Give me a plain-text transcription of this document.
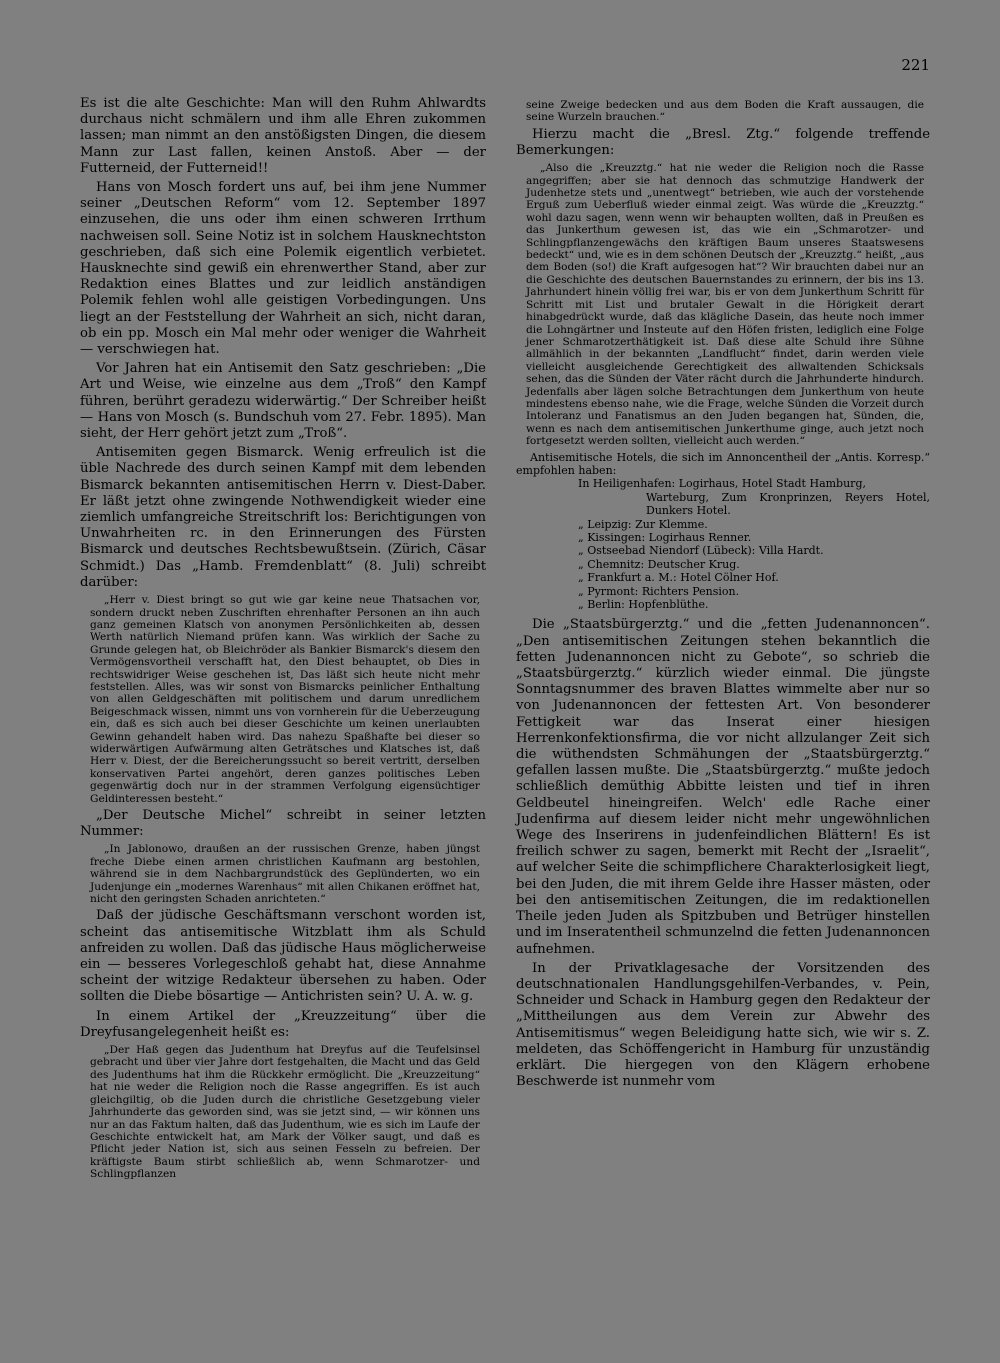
221

Es ist die alte Geschichte: Man will den Ruhm Ahlwardts durchaus nicht schmälern und ihm alle Ehren zukommen lassen; man nimmt an den anstößigsten Dingen, die diesem Mann zur Last fallen, keinen Anstoß. Aber — der Futterneid, der Futterneid!!

Hans von Mosch fordert uns auf, bei ihm jene Nummer seiner „Deutschen Reform“ vom 12. September 1897 einzusehen, die uns oder ihm einen schweren Irrthum nachweisen soll. Seine Notiz ist in solchem Hausknechtston geschrieben, daß sich eine Polemik eigentlich verbietet. Hausknechte sind gewiß ein ehrenwerther Stand, aber zur Redaktion eines Blattes und zur leidlich anständigen Polemik fehlen wohl alle geistigen Vorbedingungen. Uns liegt an der Feststellung der Wahrheit an sich, nicht daran, ob ein pp. Mosch ein Mal mehr oder weniger die Wahrheit — verschwiegen hat.

Vor Jahren hat ein Antisemit den Satz geschrieben: „Die Art und Weise, wie einzelne aus dem „Troß“ den Kampf führen, berührt geradezu widerwärtig.“ Der Schreiber heißt — Hans von Mosch (s. Bundschuh vom 27. Febr. 1895). Man sieht, der Herr gehört jetzt zum „Troß“.

Antisemiten gegen Bismarck. Wenig erfreulich ist die üble Nachrede des durch seinen Kampf mit dem lebenden Bismarck bekannten antisemitischen Herrn v. Diest-Daber. Er läßt jetzt ohne zwingende Nothwendigkeit wieder eine ziemlich umfangreiche Streitschrift los: Berichtigungen von Unwahrheiten rc. in den Erinnerungen des Fürsten Bismarck und deutsches Rechtsbewußtsein. (Zürich, Cäsar Schmidt.) Das „Hamb. Fremdenblatt“ (8. Juli) schreibt darüber:

„Herr v. Diest bringt so gut wie gar keine neue Thatsachen vor, sondern druckt neben Zuschriften ehrenhafter Personen an ihn auch ganz gemeinen Klatsch von anonymen Persönlichkeiten ab, dessen Werth natürlich Niemand prüfen kann. Was wirklich der Sache zu Grunde gelegen hat, ob Bleichröder als Bankier Bismarck's diesem den Vermögensvortheil verschafft hat, den Diest behauptet, ob Dies in rechtswidriger Weise geschehen ist, Das läßt sich heute nicht mehr feststellen. Alles, was wir sonst von Bismarcks peinlicher Enthaltung von allen Geldgeschäften mit politischem und darum unredlichem Beigeschmack wissen, nimmt uns von vornherein für die Ueberzeugung ein, daß es sich auch bei dieser Geschichte um keinen unerlaubten Gewinn gehandelt haben wird. Das nahezu Spaßhafte bei dieser so widerwärtigen Aufwärmung alten Geträtsches und Klatsches ist, daß Herr v. Diest, der die Bereicherungssucht so bereit vertritt, derselben konservativen Partei angehört, deren ganzes politisches Leben gegenwärtig doch nur in der strammen Verfolgung eigensüchtiger Geldinteressen besteht.“

„Der Deutsche Michel“ schreibt in seiner letzten Nummer:

„In Jablonowo, draußen an der russischen Grenze, haben jüngst freche Diebe einen armen christlichen Kaufmann arg bestohlen, während sie in dem Nachbargrundstück des Geplünderten, wo ein Judenjunge ein „modernes Warenhaus“ mit allen Chikanen eröffnet hat, nicht den geringsten Schaden anrichteten.“

Daß der jüdische Geschäftsmann verschont worden ist, scheint das antisemitische Witzblatt ihm als Schuld anfreiden zu wollen. Daß das jüdische Haus möglicherweise ein — besseres Vorlegeschloß gehabt hat, diese Annahme scheint der witzige Redakteur übersehen zu haben. Oder sollten die Diebe bösartige — Antichristen sein? U. A. w. g.

In einem Artikel der „Kreuzzeitung“ über die Dreyfusangelegenheit heißt es:

„Der Haß gegen das Judenthum hat Dreyfus auf die Teufelsinsel gebracht und über vier Jahre dort festgehalten, die Macht und das Geld des Judenthums hat ihm die Rückkehr ermöglicht. Die „Kreuzzeitung“ hat nie weder die Religion noch die Rasse angegriffen. Es ist auch gleichgiltig, ob die Juden durch die christliche Gesetzgebung vieler Jahrhunderte das geworden sind, was sie jetzt sind, — wir können uns nur an das Faktum halten, daß das Judenthum, wie es sich im Laufe der Geschichte entwickelt hat, am Mark der Völker saugt, und daß es Pflicht jeder Nation ist, sich aus seinen Fesseln zu befreien. Der kräftigste Baum stirbt schließlich ab, wenn Schmarotzer- und Schlingpflanzen

seine Zweige bedecken und aus dem Boden die Kraft aussaugen, die seine Wurzeln brauchen.“

Hierzu macht die „Bresl. Ztg.“ folgende treffende Bemerkungen:

„Also die „Kreuzztg.“ hat nie weder die Religion noch die Rasse angegriffen; aber sie hat dennoch das schmutzige Handwerk der Judenhetze stets und „unentwegt“ betrieben, wie auch der vorstehende Erguß zum Ueberfluß wieder einmal zeigt. Was würde die „Kreuzztg.“ wohl dazu sagen, wenn wenn wir behaupten wollten, daß in Preußen es das Junkerthum gewesen ist, das wie ein „Schmarotzer- und Schlingpflanzengewächs den kräftigen Baum unseres Staatswesens bedeckt“ und, wie es in dem schönen Deutsch der „Kreuzztg.“ heißt, „aus dem Boden (so!) die Kraft aufgesogen hat“? Wir brauchten dabei nur an die Geschichte des deutschen Bauernstandes zu erinnern, der bis ins 13. Jahrhundert hinein völlig frei war, bis er von dem Junkerthum Schritt für Schritt mit List und brutaler Gewalt in die Hörigkeit derart hinabgedrückt wurde, daß das klägliche Dasein, das heute noch immer die Lohngärtner und Insteute auf den Höfen fristen, lediglich eine Folge jener Schmarotzerthätigkeit ist. Daß diese alte Schuld ihre Sühne allmählich in der bekannten „Landflucht“ findet, darin werden viele vielleicht ausgleichende Gerechtigkeit des allwaltenden Schicksals sehen, das die Sünden der Väter rächt durch die Jahrhunderte hindurch. Jedenfalls aber lägen solche Betrachtungen dem Junkerthum von heute mindestens ebenso nahe, wie die Frage, welche Sünden die Vorzeit durch Intoleranz und Fanatismus an den Juden begangen hat, Sünden, die, wenn es nach dem antisemitischen Junkerthume ginge, auch jetzt noch fortgesetzt werden sollten, vielleicht auch werden.“

Antisemitische Hotels, die sich im Annoncentheil der „Antis. Korresp.“ empfohlen haben:
In Heiligenhafen: Logirhaus, Hotel Stadt Hamburg,
Warteburg, Zum Kronprinzen, Reyers Hotel, Dunkers Hotel.
„ Leipzig: Zur Klemme.
„ Kissingen: Logirhaus Renner.
„ Ostseebad Niendorf (Lübeck): Villa Hardt.
„ Chemnitz: Deutscher Krug.
„ Frankfurt a. M.: Hotel Cölner Hof.
„ Pyrmont: Richters Pension.
„ Berlin: Hopfenblüthe.

Die „Staatsbürgerztg.“ und die „fetten Judenannoncen“. „Den antisemitischen Zeitungen stehen bekanntlich die fetten Judenannoncen nicht zu Gebote“, so schrieb die „Staatsbürgerztg.“ kürzlich wieder einmal. Die jüngste Sonntagsnummer des braven Blattes wimmelte aber nur so von Judenannoncen der fettesten Art. Von besonderer Fettigkeit war das Inserat einer hiesigen Herrenkonfektionsfirma, die vor nicht allzulanger Zeit sich die wüthendsten Schmähungen der „Staatsbürgerztg.“ gefallen lassen mußte. Die „Staatsbürgerztg.“ mußte jedoch schließlich demüthig Abbitte leisten und tief in ihren Geldbeutel hineingreifen. Welch' edle Rache einer Judenfirma auf diesem leider nicht mehr ungewöhnlichen Wege des Inserirens in judenfeindlichen Blättern! Es ist freilich schwer zu sagen, bemerkt mit Recht der „Israelit“, auf welcher Seite die schimpflichere Charakterlosigkeit liegt, bei den Juden, die mit ihrem Gelde ihre Hasser mästen, oder bei den antisemitischen Zeitungen, die im redaktionellen Theile jeden Juden als Spitzbuben und Betrüger hinstellen und im Inseratentheil schmunzelnd die fetten Judenannoncen aufnehmen.

In der Privatklagesache der Vorsitzenden des deutschnationalen Handlungsgehilfen-Verbandes, v. Pein, Schneider und Schack in Hamburg gegen den Redakteur der „Mittheilungen aus dem Verein zur Abwehr des Antisemitismus“ wegen Beleidigung hatte sich, wie wir s. Z. meldeten, das Schöffengericht in Hamburg für unzuständig erklärt. Die hiergegen von den Klägern erhobene Beschwerde ist nunmehr vom
